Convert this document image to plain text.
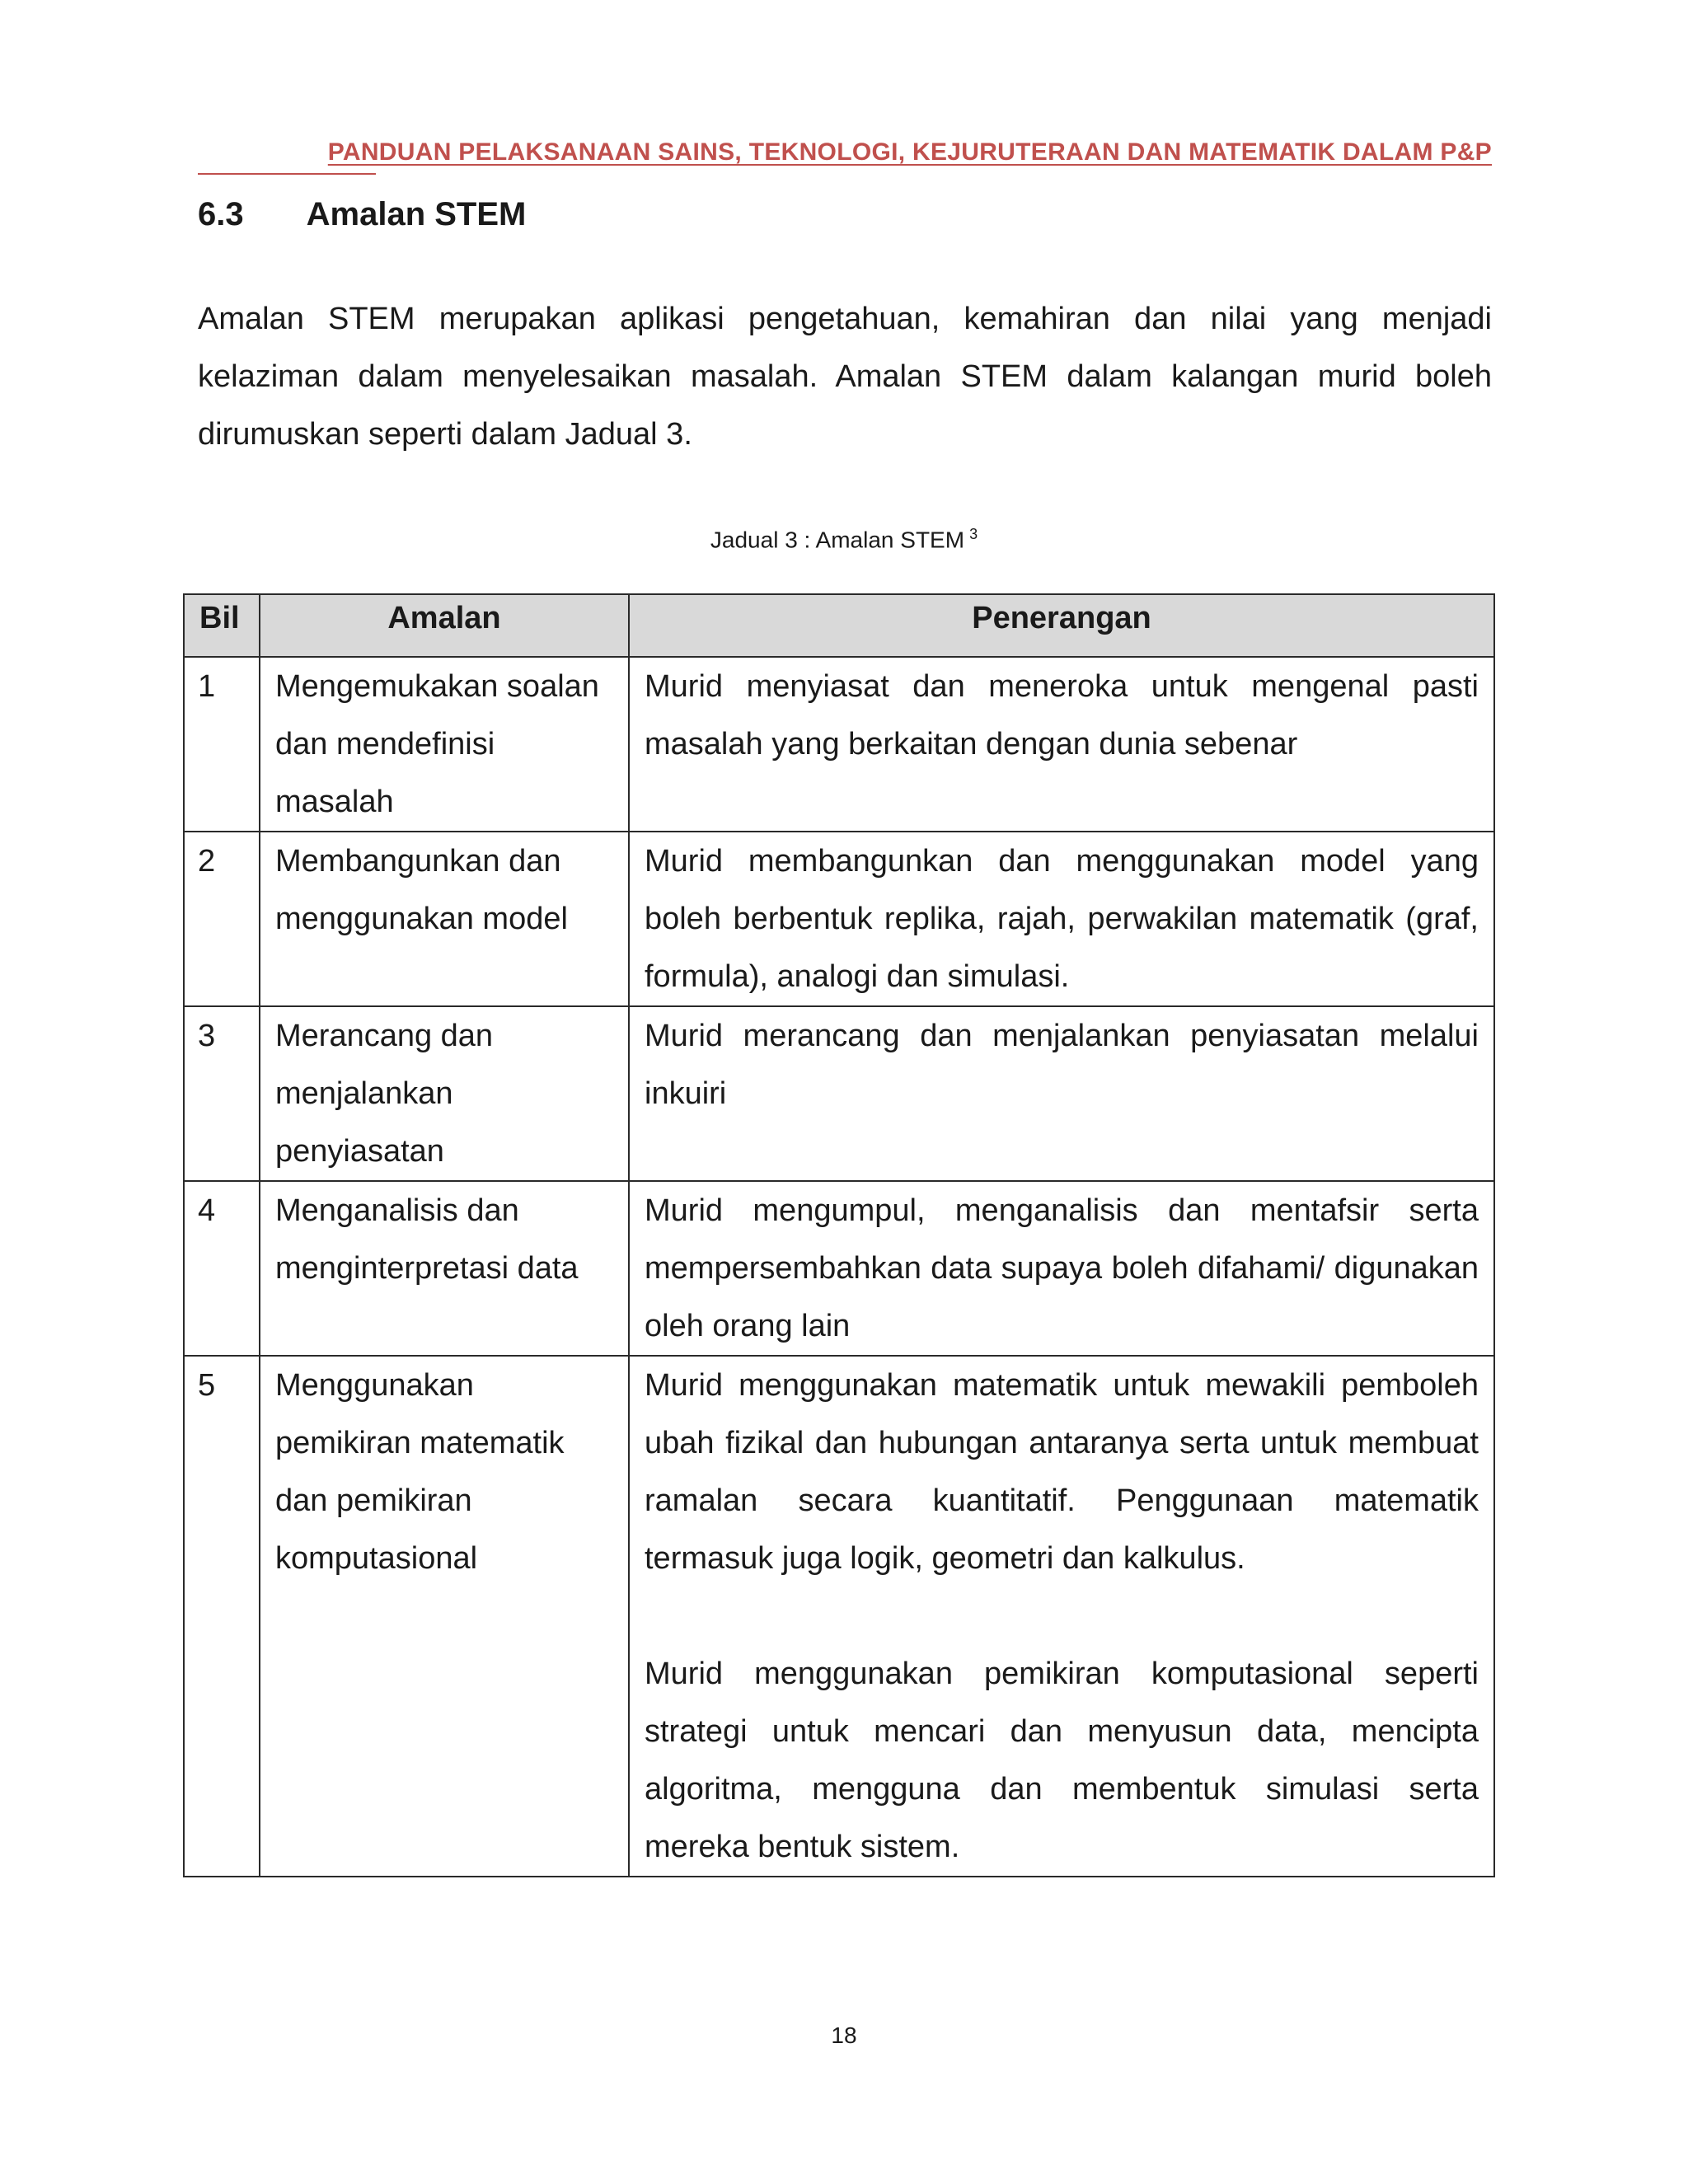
PANDUAN PELAKSANAAN SAINS, TEKNOLOGI, KEJURUTERAAN DAN MATEMATIK DALAM P&P
6.3 Amalan STEM

Amalan STEM merupakan aplikasi pengetahuan, kemahiran dan nilai yang menjadi kelaziman dalam menyelesaikan masalah. Amalan STEM dalam kalangan murid boleh dirumuskan seperti dalam Jadual 3.

Jadual 3 : Amalan STEM $^3$
Bil	Amalan	Penerangan
1	Mengemukakan soalan dan mendefinisi masalah	Murid menyiasat dan meneroka untuk mengenal pasti masalah yang berkaitan dengan dunia sebenar
2	Membangunkan dan menggunakan model	Murid membangunkan dan menggunakan model yang boleh berbentuk replika, rajah, perwakilan matematik (graf, formula), analogi dan simulasi.
3	Merancang dan menjalankan penyiasatan	Murid merancang dan menjalankan penyiasatan melalui inkuiri
4	Menganalisis dan menginterpretasi data	Murid mengumpul, menganalisis dan mentafsir serta mempersembahkan data supaya boleh difahami/ digunakan oleh orang lain
5	Menggunakan pemikiran matematik dan pemikiran komputasional	Murid menggunakan matematik untuk mewakili pemboleh ubah fizikal dan hubungan antaranya serta untuk membuat ramalan secara kuantitatif. Penggunaan matematik termasuk juga logik, geometri dan kalkulus.
Murid menggunakan pemikiran komputasional seperti strategi untuk mencari dan menyusun data, mencipta algoritma, mengguna dan membentuk simulasi serta mereka bentuk sistem.
18
